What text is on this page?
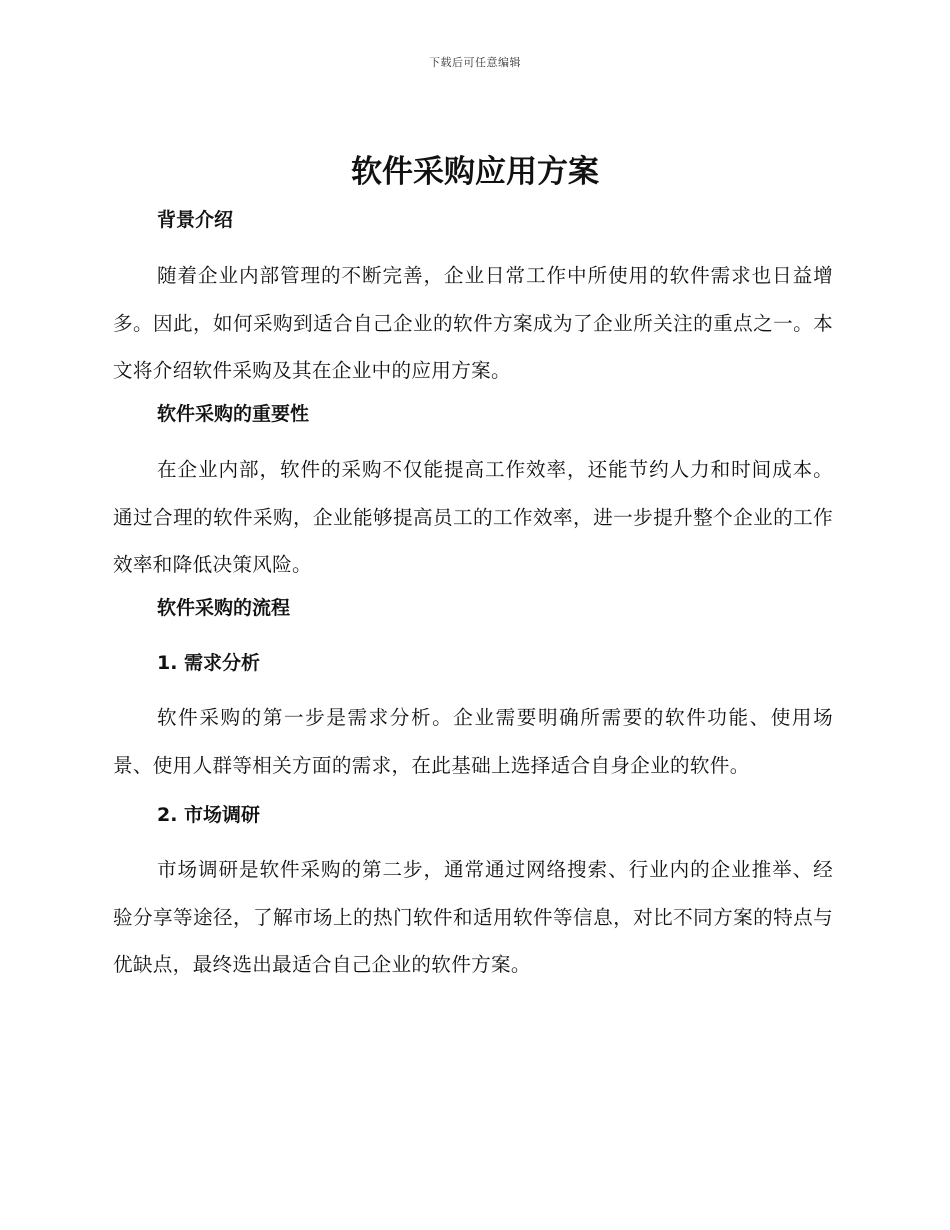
下载后可任意编辑
软件采购应用方案
背景介绍

随着企业内部管理的不断完善，企业日常工作中所使用的软件需求也日益增多。因此，如何采购到适合自己企业的软件方案成为了企业所关注的重点之一。本文将介绍软件采购及其在企业中的应用方案。

软件采购的重要性

在企业内部，软件的采购不仅能提高工作效率，还能节约人力和时间成本。通过合理的软件采购，企业能够提高员工的工作效率，进一步提升整个企业的工作效率和降低决策风险。

软件采购的流程
1. 需求分析

软件采购的第一步是需求分析。企业需要明确所需要的软件功能、使用场景、使用人群等相关方面的需求，在此基础上选择适合自身企业的软件。

2. 市场调研

市场调研是软件采购的第二步，通常通过网络搜索、行业内的企业推举、经验分享等途径，了解市场上的热门软件和适用软件等信息，对比不同方案的特点与优缺点，最终选出最适合自己企业的软件方案。
